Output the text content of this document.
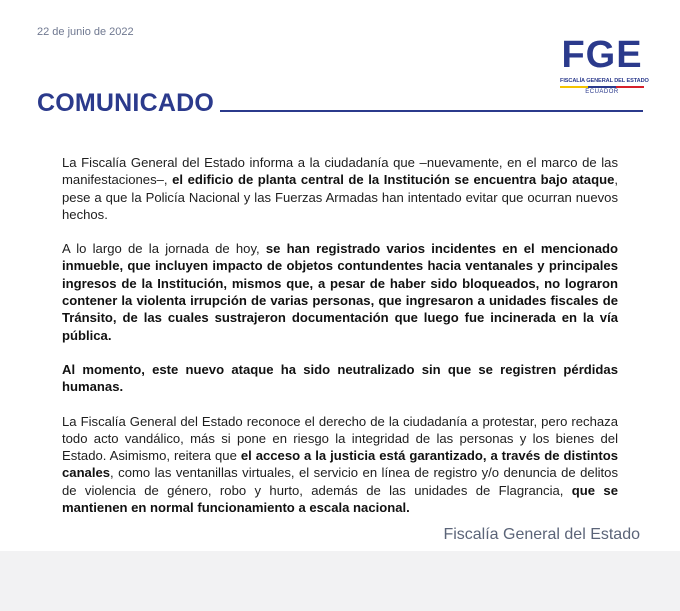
22 de junio de 2022
FGE
FISCALÍA GENERAL DEL ESTADO
ECUADOR
COMUNICADO

La Fiscalía General del Estado informa a la ciudadanía que –nuevamente, en el marco de las manifestaciones–, el edificio de planta central de la Institución se encuentra bajo ataque, pese a que la Policía Nacional y las Fuerzas Armadas han intentado evitar que ocurran nuevos hechos.

A lo largo de la jornada de hoy, se han registrado varios incidentes en el mencionado inmueble, que incluyen impacto de objetos contundentes hacia ventanales y principales ingresos de la Institución, mismos que, a pesar de haber sido bloqueados, no lograron contener la violenta irrupción de varias personas, que ingresaron a unidades fiscales de Tránsito, de las cuales sustrajeron documentación que luego fue incinerada en la vía pública.

Al momento, este nuevo ataque ha sido neutralizado sin que se registren pérdidas humanas.

La Fiscalía General del Estado reconoce el derecho de la ciudadanía a protestar, pero rechaza todo acto vandálico, más si pone en riesgo la integridad de las personas y los bienes del Estado. Asimismo, reitera que el acceso a la justicia está garantizado, a través de distintos canales, como las ventanillas virtuales, el servicio en línea de registro y/o denuncia de delitos de violencia de género, robo y hurto, además de las unidades de Flagrancia, que se mantienen en normal funcionamiento a escala nacional.

Fiscalía General del Estado
